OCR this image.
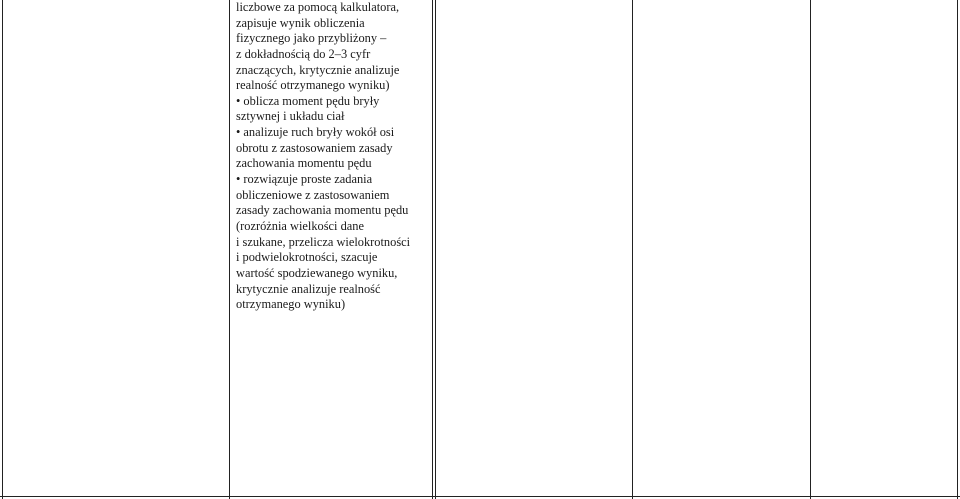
liczbowe za pomocą kalkulatora,
zapisuje wynik obliczenia
fizycznego jako przybliżony –
z dokładnością do 2–3 cyfr
znaczących, krytycznie analizuje
realność otrzymanego wyniku)
• oblicza moment pędu bryły
sztywnej i układu ciał
• analizuje ruch bryły wokół osi
obrotu z zastosowaniem zasady
zachowania momentu pędu
• rozwiązuje proste zadania
obliczeniowe z zastosowaniem
zasady zachowania momentu pędu
(rozróżnia wielkości dane
i szukane, przelicza wielokrotności
i podwielokrotności, szacuje
wartość spodziewanego wyniku,
krytycznie analizuje realność
otrzymanego wyniku)
